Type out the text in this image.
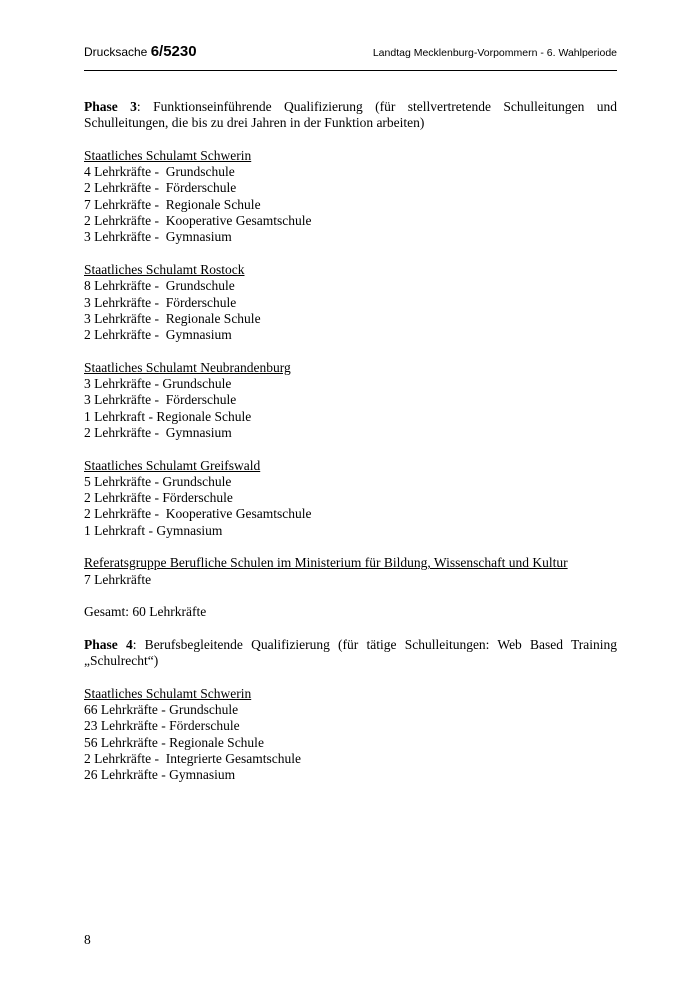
Drucksache 6/5230	Landtag Mecklenburg-Vorpommern - 6. Wahlperiode

Phase 3: Funktionseinführende Qualifizierung (für stellvertretende Schulleitungen und Schulleitungen, die bis zu drei Jahren in der Funktion arbeiten)

Staatliches Schulamt Schwerin
4 Lehrkräfte -  Grundschule
2 Lehrkräfte -  Förderschule
7 Lehrkräfte -  Regionale Schule
2 Lehrkräfte -  Kooperative Gesamtschule
3 Lehrkräfte -  Gymnasium
Staatliches Schulamt Rostock
8 Lehrkräfte -  Grundschule
3 Lehrkräfte -  Förderschule
3 Lehrkräfte -  Regionale Schule
2 Lehrkräfte -  Gymnasium
Staatliches Schulamt Neubrandenburg
3 Lehrkräfte - Grundschule
3 Lehrkräfte -  Förderschule
1 Lehrkraft - Regionale Schule
2 Lehrkräfte -  Gymnasium
Staatliches Schulamt Greifswald
5 Lehrkräfte - Grundschule
2 Lehrkräfte - Förderschule
2 Lehrkräfte -  Kooperative Gesamtschule
1 Lehrkraft - Gymnasium
Referatsgruppe Berufliche Schulen im Ministerium für Bildung, Wissenschaft und Kultur
7 Lehrkräfte
Gesamt: 60 Lehrkräfte

Phase 4: Berufsbegleitende Qualifizierung (für tätige Schulleitungen: Web Based Training „Schulrecht“)

Staatliches Schulamt Schwerin
66 Lehrkräfte - Grundschule
23 Lehrkräfte - Förderschule
56 Lehrkräfte - Regionale Schule
2 Lehrkräfte -  Integrierte Gesamtschule
26 Lehrkräfte - Gymnasium
8
